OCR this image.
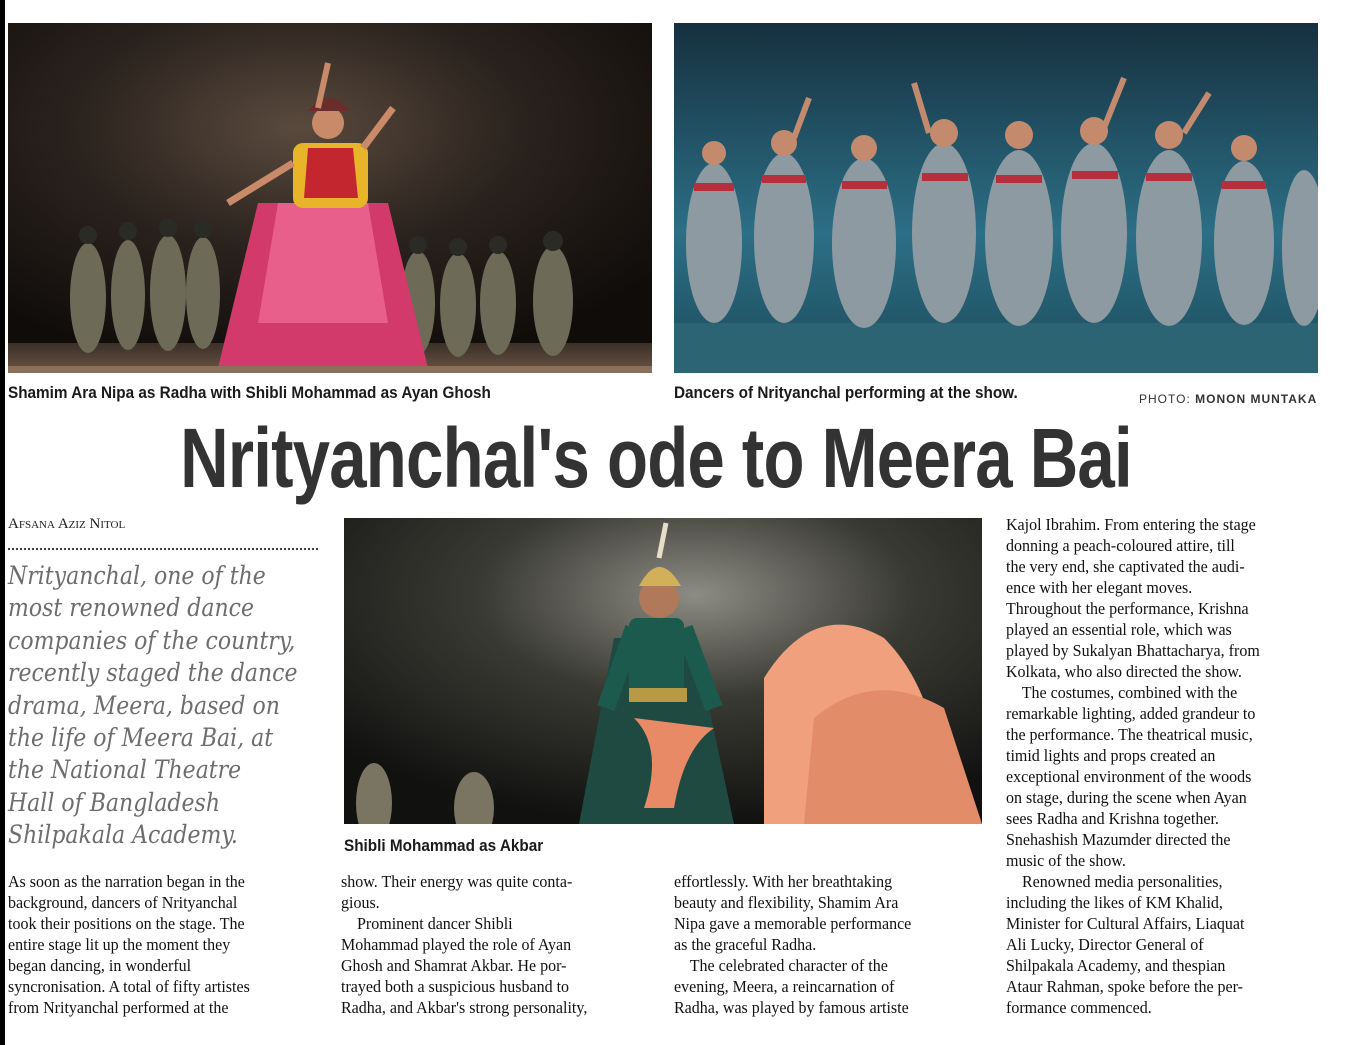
Shamim Ara Nipa as Radha with Shibli Mohammad as Ayan Ghosh	Dancers of Nrityanchal performing at the show.	PHOTO: MONON MUNTAKA
Nrityanchal's ode to Meera Bai
Afsana Aziz Nitol
Nrityanchal, one of the
most renowned dance
companies of the country,
recently staged the dance
drama, Meera, based on
the life of Meera Bai, at
the National Theatre
Hall of Bangladesh
Shilpakala Academy.	Shibli Mohammad as Akbar
As soon as the narration began in the
background, dancers of Nrityanchal
took their positions on the stage. The
entire stage lit up the moment they
began dancing, in wonderful
syncronisation. A total of fifty artistes
from Nrityanchal performed at the
show. Their energy was quite conta-
gious.
Prominent dancer Shibli
Mohammad played the role of Ayan
Ghosh and Shamrat Akbar. He por-
trayed both a suspicious husband to
Radha, and Akbar's strong personality,
effortlessly. With her breathtaking
beauty and flexibility, Shamim Ara
Nipa gave a memorable performance
as the graceful Radha.
The celebrated character of the
evening, Meera, a reincarnation of
Radha, was played by famous artiste
Kajol Ibrahim. From entering the stage
donning a peach-coloured attire, till
the very end, she captivated the audi-
ence with her elegant moves.
Throughout the performance, Krishna
played an essential role, which was
played by Sukalyan Bhattacharya, from
Kolkata, who also directed the show.
The costumes, combined with the
remarkable lighting, added grandeur to
the performance. The theatrical music,
timid lights and props created an
exceptional environment of the woods
on stage, during the scene when Ayan
sees Radha and Krishna together.
Snehashish Mazumder directed the
music of the show.
Renowned media personalities,
including the likes of KM Khalid,
Minister for Cultural Affairs, Liaquat
Ali Lucky, Director General of
Shilpakala Academy, and thespian
Ataur Rahman, spoke before the per-
formance commenced.
